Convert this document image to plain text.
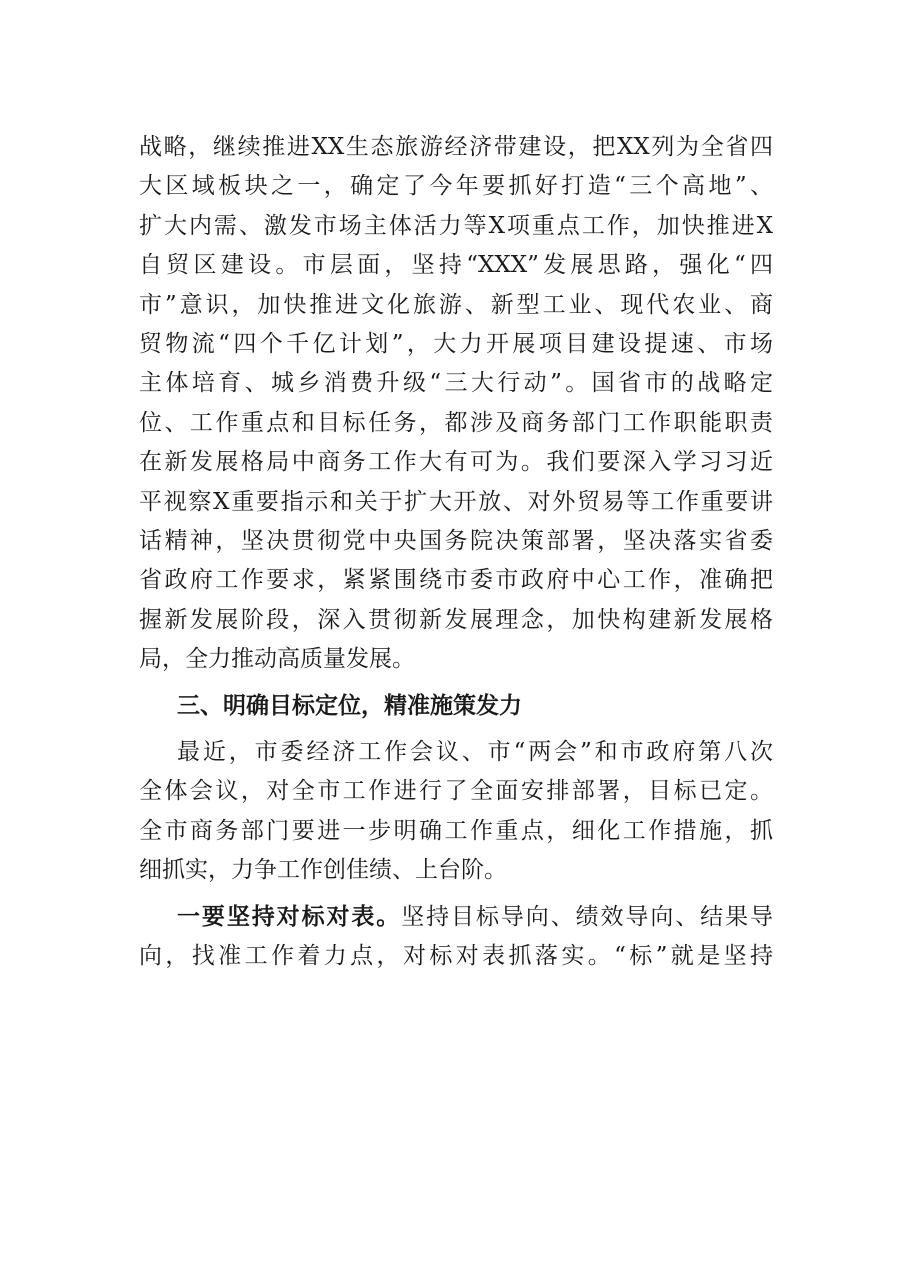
战略，继续推进XX生态旅游经济带建设，把XX列为全省四
大区域板块之一，确定了今年要抓好打造“三个高地”、
扩大内需、激发市场主体活力等X项重点工作，加快推进X
自贸区建设。市层面，坚持“XXX”发展思路，强化“四
市”意识，加快推进文化旅游、新型工业、现代农业、商
贸物流“四个千亿计划”，大力开展项目建设提速、市场
主体培育、城乡消费升级“三大行动”。国省市的战略定
位、工作重点和目标任务，都涉及商务部门工作职能职责
在新发展格局中商务工作大有可为。我们要深入学习习近
平视察X重要指示和关于扩大开放、对外贸易等工作重要讲
话精神，坚决贯彻党中央国务院决策部署，坚决落实省委
省政府工作要求，紧紧围绕市委市政府中心工作，准确把
握新发展阶段，深入贯彻新发展理念，加快构建新发展格
局，全力推动高质量发展。
三、明确目标定位，精准施策发力
最近，市委经济工作会议、市“两会”和市政府第八次
全体会议，对全市工作进行了全面安排部署，目标已定。
全市商务部门要进一步明确工作重点，细化工作措施，抓
细抓实，力争工作创佳绩、上台阶。
一要坚持对标对表。坚持目标导向、绩效导向、结果导
向，找准工作着力点，对标对表抓落实。“标”就是坚持
